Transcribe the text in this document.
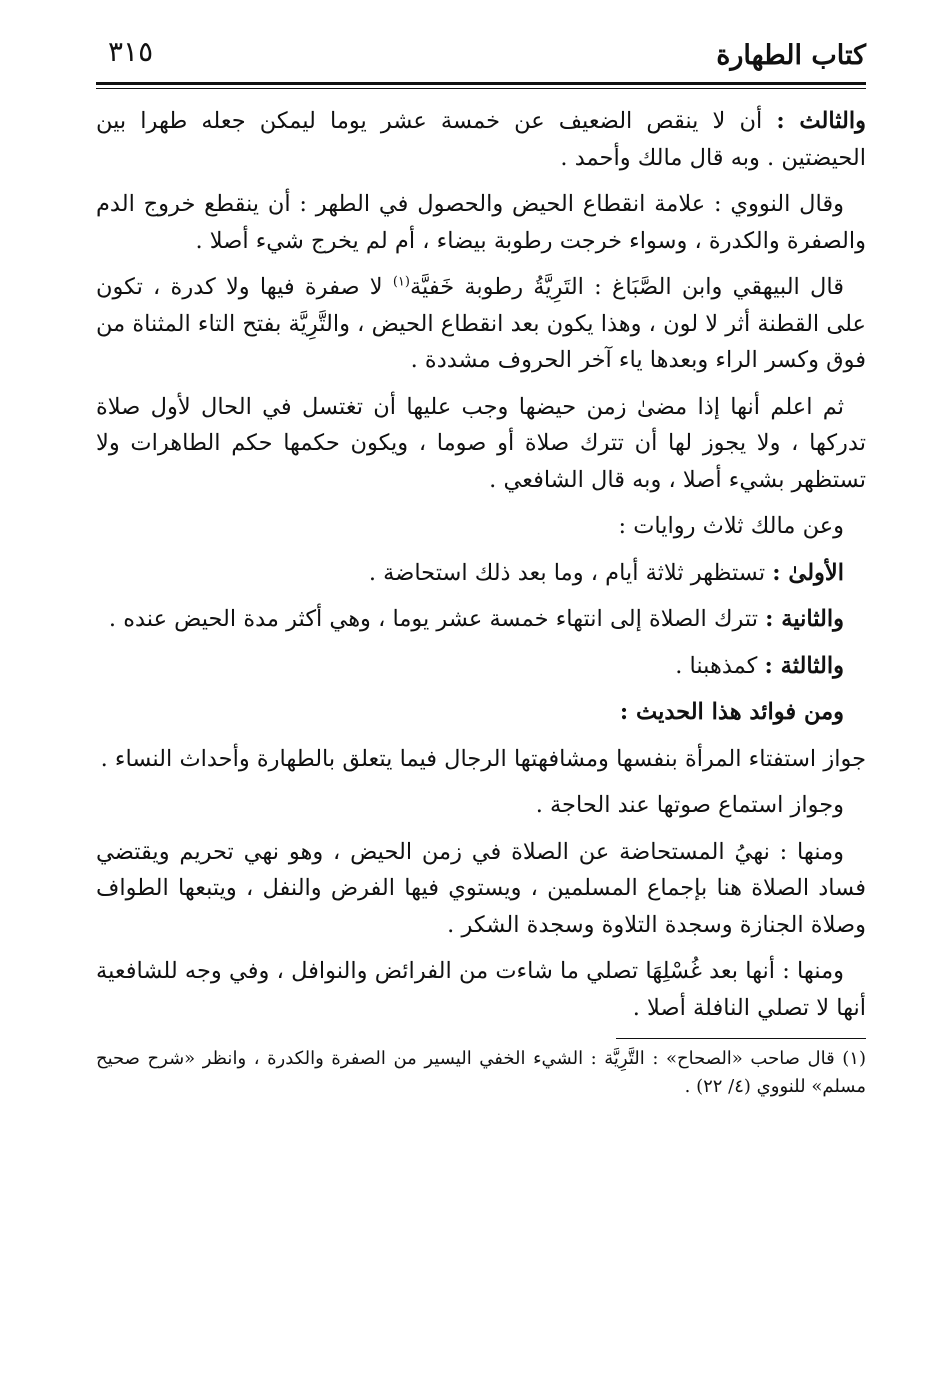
كتاب الطهارة
٣١٥

والثالث : أن لا ينقص الضعيف عن خمسة عشر يوما ليمكن جعله طهرا بين الحيضتين . وبه قال مالك وأحمد .

وقال النووي : علامة انقطاع الحيض والحصول في الطهر : أن ينقطع خروج الدم والصفرة والكدرة ، وسواء خرجت رطوبة بيضاء ، أم لم يخرج شيء أصلا .

قال البيهقي وابن الصَّبَاغ : التَرِيَّةُ رطوبة خَفيَّة$^{(١)}$ لا صفرة فيها ولا كدرة ، تكون على القطنة أثر لا لون ، وهذا يكون بعد انقطاع الحيض ، والتَّرِيَّة بفتح التاء المثناة من فوق وكسر الراء وبعدها ياء آخر الحروف مشددة .

ثم اعلم أنها إذا مضىٰ زمن حيضها وجب عليها أن تغتسل في الحال لأول صلاة تدركها ، ولا يجوز لها أن تترك صلاة أو صوما ، ويكون حكمها حكم الطاهرات ولا تستظهر بشيء أصلا ، وبه قال الشافعي .

وعن مالك ثلاث روايات :

الأولىٰ : تستظهر ثلاثة أيام ، وما بعد ذلك استحاضة .

والثانية : تترك الصلاة إلى انتهاء خمسة عشر يوما ، وهي أكثر مدة الحيض عنده .

والثالثة : كمذهبنا .

ومن فوائد هذا الحديث :

جواز استفتاء المرأة بنفسها ومشافهتها الرجال فيما يتعلق بالطهارة وأحداث النساء .

وجواز استماع صوتها عند الحاجة .

ومنها : نهيُ المستحاضة عن الصلاة في زمن الحيض ، وهو نهي تحريم ويقتضي فساد الصلاة هنا بإجماع المسلمين ، ويستوي فيها الفرض والنفل ، ويتبعها الطواف وصلاة الجنازة وسجدة التلاوة وسجدة الشكر .

ومنها : أنها بعد غُسْلِهَا تصلي ما شاءت من الفرائض والنوافل ، وفي وجه للشافعية أنها لا تصلي النافلة أصلا .

(١) قال صاحب «الصحاح» : التَّرِيَّة : الشيء الخفي اليسير من الصفرة والكدرة ، وانظر «شرح صحيح مسلم» للنووي (٤/ ٢٢) .
